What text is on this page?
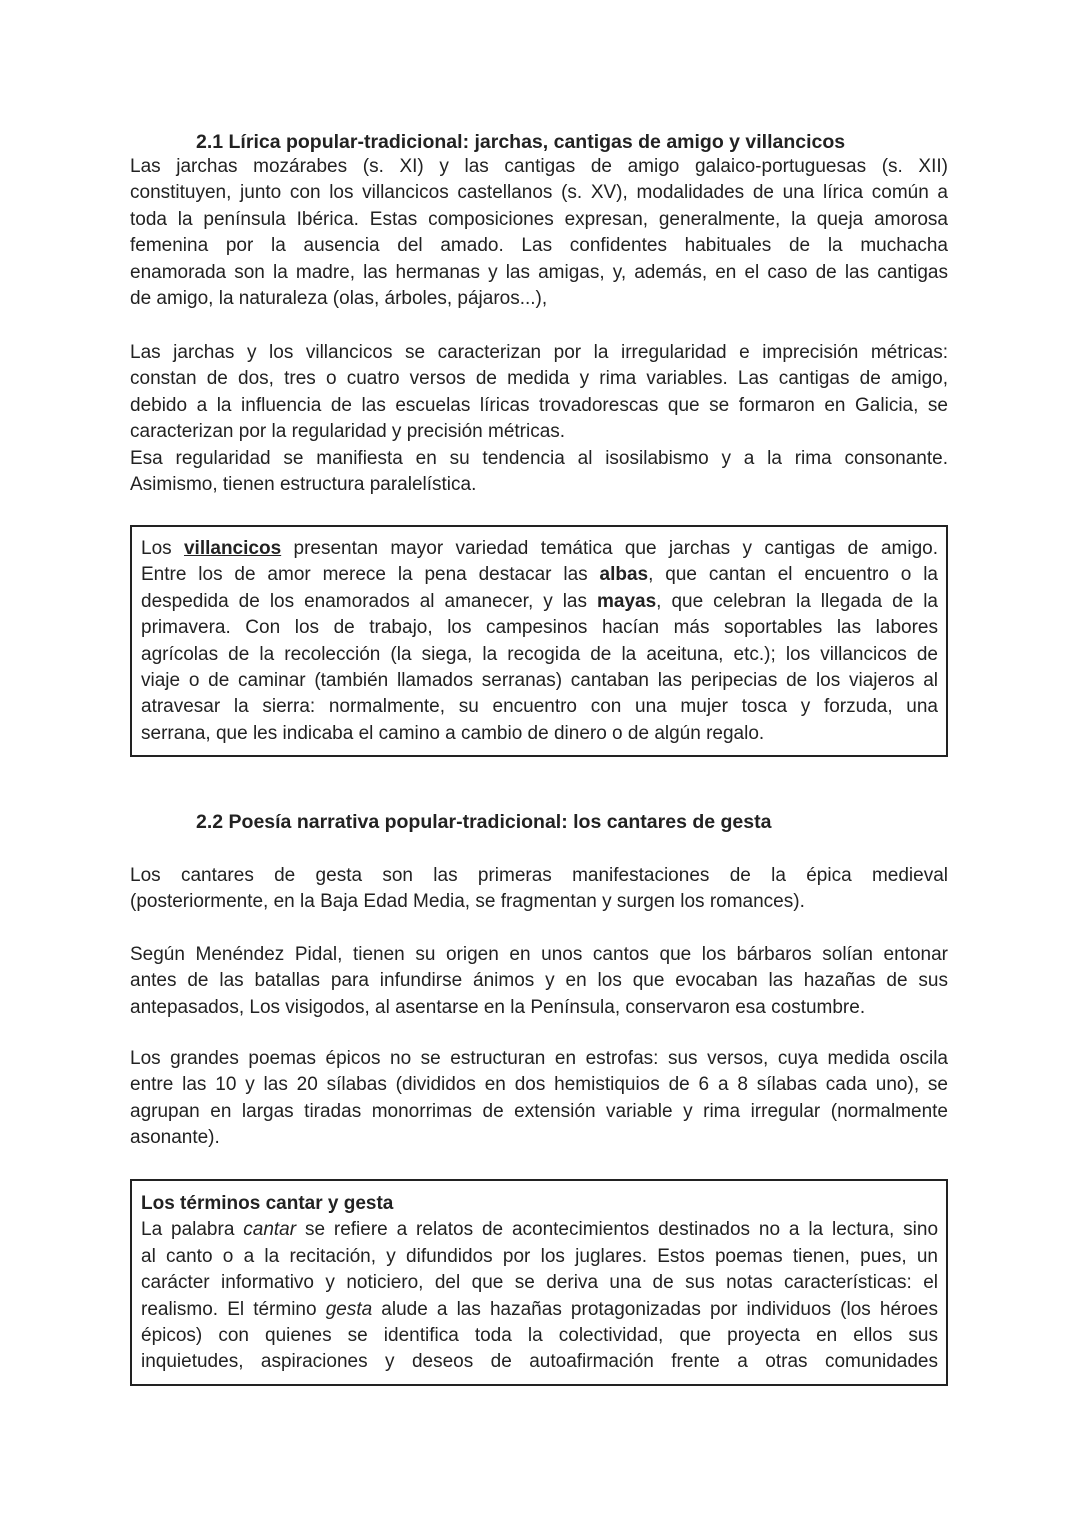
2.1 Lírica popular-tradicional: jarchas, cantigas de amigo y villancicos
Las jarchas mozárabes (s. XI) y las cantigas de amigo galaico-portuguesas (s. XII)
constituyen, junto con los villancicos castellanos (s. XV), modalidades de una lírica común a
toda la península Ibérica. Estas composiciones expresan, generalmente, la queja amorosa
femenina por la ausencia del amado. Las confidentes habituales de la muchacha
enamorada son la madre, las hermanas y las amigas, y, además, en el caso de las cantigas
de amigo, la naturaleza (olas, árboles, pájaros...),
Las jarchas y los villancicos se caracterizan por la irregularidad e imprecisión métricas:
constan de dos, tres o cuatro versos de medida y rima variables. Las cantigas de amigo,
debido a la influencia de las escuelas líricas trovadorescas que se formaron en Galicia, se
caracterizan por la regularidad y precisión métricas.
Esa regularidad se manifiesta en su tendencia al isosilabismo y a la rima consonante.
Asimismo, tienen estructura paralelística.
Los villancicos presentan mayor variedad temática que jarchas y cantigas de amigo.
Entre los de amor merece la pena destacar las albas, que cantan el encuentro o la
despedida de los enamorados al amanecer, y las mayas, que celebran la llegada de la
primavera. Con los de trabajo, los campesinos hacían más soportables las labores
agrícolas de la recolección (la siega, la recogida de la aceituna, etc.); los villancicos de
viaje o de caminar (también llamados serranas) cantaban las peripecias de los viajeros al
atravesar la sierra: normalmente, su encuentro con una mujer tosca y forzuda, una
serrana, que les indicaba el camino a cambio de dinero o de algún regalo.
2.2 Poesía narrativa popular-tradicional: los cantares de gesta
Los cantares de gesta son las primeras manifestaciones de la épica medieval
(posteriormente, en la Baja Edad Media, se fragmentan y surgen los romances).
Según Menéndez Pidal, tienen su origen en unos cantos que los bárbaros solían entonar
antes de las batallas para infundirse ánimos y en los que evocaban las hazañas de sus
antepasados, Los visigodos, al asentarse en la Península, conservaron esa costumbre.
Los grandes poemas épicos no se estructuran en estrofas: sus versos, cuya medida oscila
entre las 10 y las 20 sílabas (divididos en dos hemistiquios de 6 a 8 sílabas cada uno), se
agrupan en largas tiradas monorrimas de extensión variable y rima irregular (normalmente
asonante).
Los términos cantar y gesta
La palabra cantar se refiere a relatos de acontecimientos destinados no a la lectura, sino
al canto o a la recitación, y difundidos por los juglares. Estos poemas tienen, pues, un
carácter informativo y noticiero, del que se deriva una de sus notas características: el
realismo. El término gesta alude a las hazañas protagonizadas por individuos (los héroes
épicos) con quienes se identifica toda la colectividad, que proyecta en ellos sus
inquietudes, aspiraciones y deseos de autoafirmación frente a otras comunidades
